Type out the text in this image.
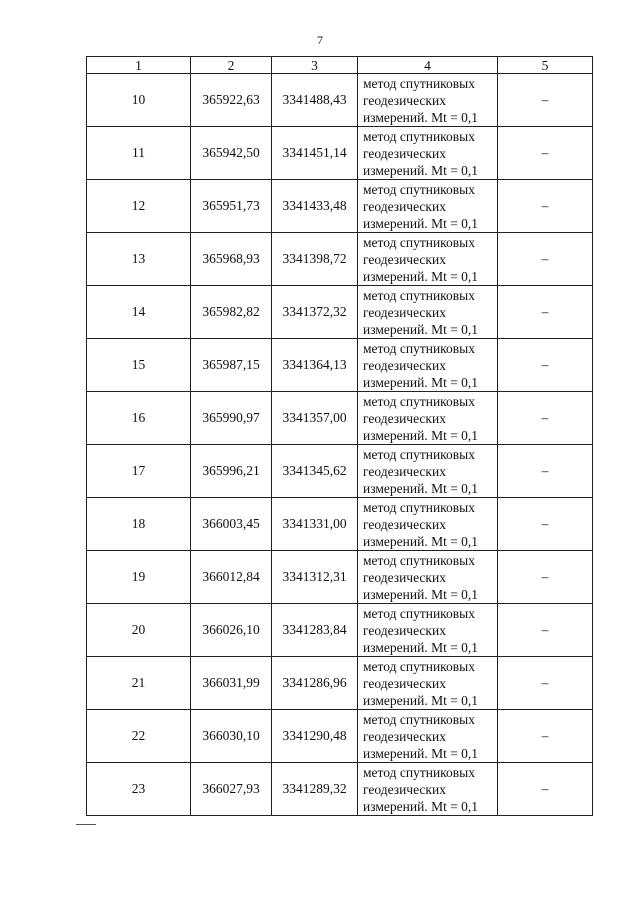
7
1	2	3	4	5
10	365922,63	3341488,43	метод спутниковых
геодезических
измерений. Mt = 0,1	–
11	365942,50	3341451,14	метод спутниковых
геодезических
измерений. Mt = 0,1	–
12	365951,73	3341433,48	метод спутниковых
геодезических
измерений. Mt = 0,1	–
13	365968,93	3341398,72	метод спутниковых
геодезических
измерений. Mt = 0,1	–
14	365982,82	3341372,32	метод спутниковых
геодезических
измерений. Mt = 0,1	–
15	365987,15	3341364,13	метод спутниковых
геодезических
измерений. Mt = 0,1	–
16	365990,97	3341357,00	метод спутниковых
геодезических
измерений. Mt = 0,1	–
17	365996,21	3341345,62	метод спутниковых
геодезических
измерений. Mt = 0,1	–
18	366003,45	3341331,00	метод спутниковых
геодезических
измерений. Mt = 0,1	–
19	366012,84	3341312,31	метод спутниковых
геодезических
измерений. Mt = 0,1	–
20	366026,10	3341283,84	метод спутниковых
геодезических
измерений. Mt = 0,1	–
21	366031,99	3341286,96	метод спутниковых
геодезических
измерений. Mt = 0,1	–
22	366030,10	3341290,48	метод спутниковых
геодезических
измерений. Mt = 0,1	–
23	366027,93	3341289,32	метод спутниковых
геодезических
измерений. Mt = 0,1	–
